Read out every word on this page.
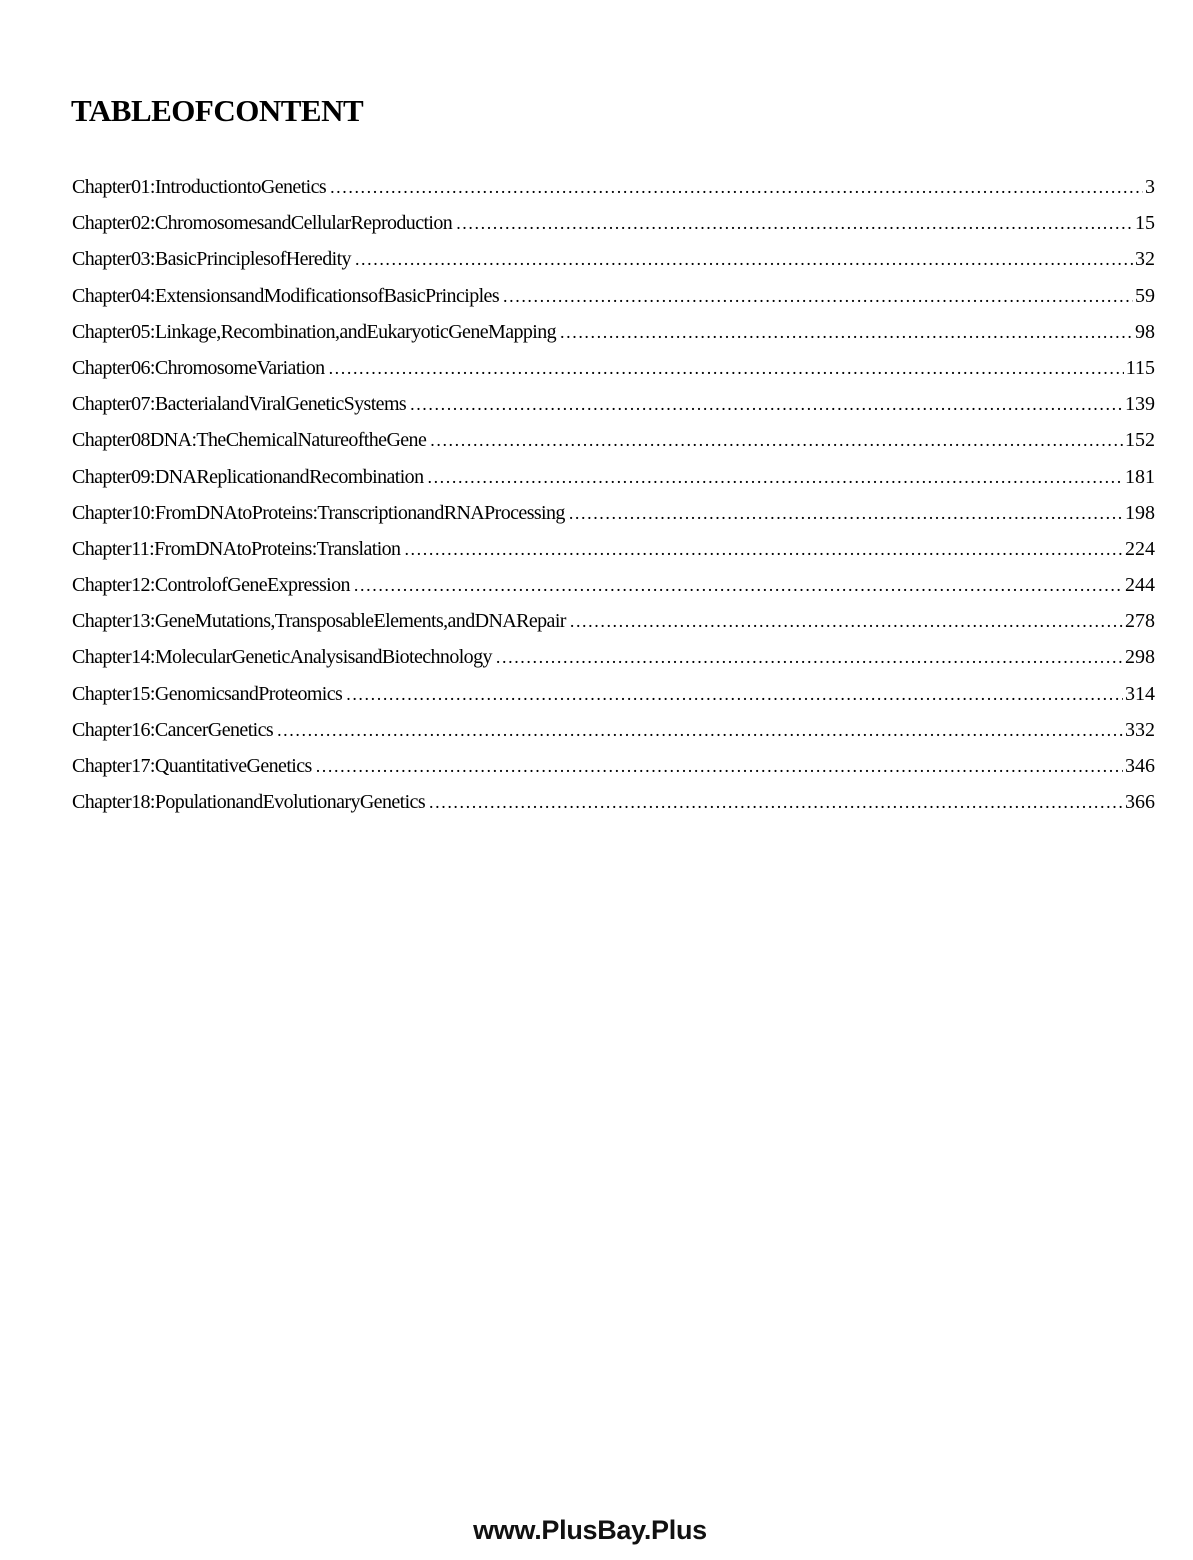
TABLEOFCONTENT
Chapter01:IntroductiontoGenetics .....	3
Chapter02:ChromosomesandCellularReproduction .....	15
Chapter03:BasicPrinciplesofHeredity .....	32
Chapter04:ExtensionsandModificationsofBasicPrinciples .....	59
Chapter05:Linkage,Recombination,andEukaryoticGeneMapping .....	98
Chapter06:ChromosomeVariation .....	115
Chapter07:BacterialandViralGeneticSystems .....	139
Chapter08DNA:TheChemicalNatureoftheGene .....	152
Chapter09:DNAReplicationandRecombination .....	181
Chapter10:FromDNAtoProteins:TranscriptionandRNAProcessing .....	198
Chapter11:FromDNAtoProteins:Translation .....	224
Chapter12:ControlofGeneExpression .....	244
Chapter13:GeneMutations,TransposableElements,andDNARepair .....	278
Chapter14:MolecularGeneticAnalysisandBiotechnology .....	298
Chapter15:GenomicsandProteomics .....	314
Chapter16:CancerGenetics .....	332
Chapter17:QuantitativeGenetics .....	346
Chapter18:PopulationandEvolutionaryGenetics .....	366

www.PlusBay.Plus
